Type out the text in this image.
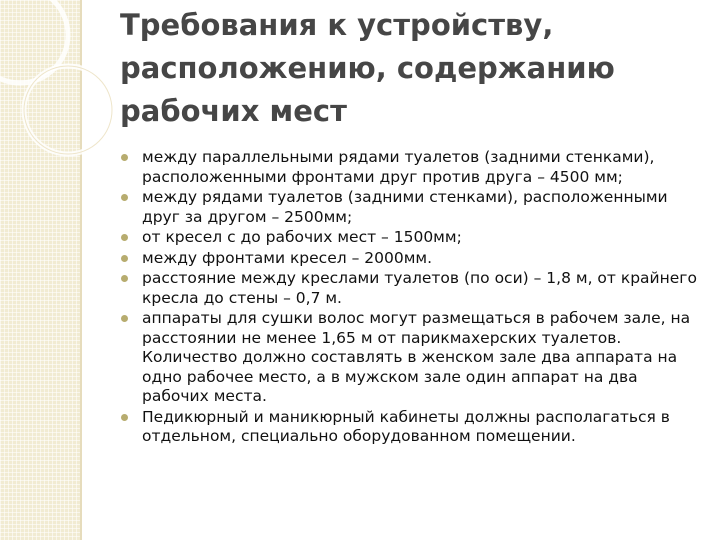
Требования к устройству, расположению, содержанию рабочих мест
между параллельными рядами туалетов (задними стенками), расположенными фронтами друг против друга – 4500 мм;
между рядами туалетов (задними стенками), расположенными друг за другом – 2500мм;
от кресел с до рабочих мест – 1500мм;
между фронтами кресел – 2000мм.
расстояние между креслами туалетов (по оси) – 1,8 м, от крайнего кресла до стены – 0,7 м.
аппараты для сушки волос могут размещаться в рабочем зале, на расстоянии не менее 1,65 м от парикмахерских туалетов. Количество должно составлять в женском зале два аппарата на одно рабочее место, а в мужском зале один аппарат на два рабочих места.
Педикюрный и маникюрный кабинеты должны располагаться в отдельном, специально оборудованном помещении.
